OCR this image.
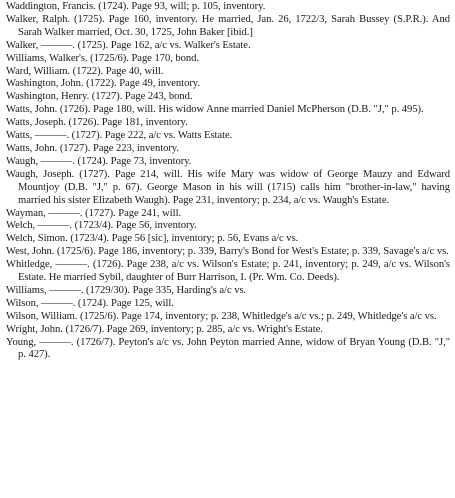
Waddington, Francis. (1724). Page 93, will; p. 105, inventory.

Walker, Ralph. (1725). Page 160, inventory. He married, Jan. 26, 1722/3, Sarah Bussey (S.P.R.). And Sarah Walker married, Oct. 30, 1725, John Baker [ibid.]

Walker, ———. (1725). Page 162, a/c vs. Walker's Estate.

Williams, Walker's. (1725/6). Page 170, bond.

Ward, William. (1722). Page 40, will.

Washington, John. (1722). Page 49, inventory.

Washington, Henry. (1727). Page 243, bond.

Watts, John. (1726). Page 180, will. His widow Anne married Daniel McPherson (D.B. "J," p. 495).

Watts, Joseph. (1726). Page 181, inventory.

Watts, ———. (1727). Page 222, a/c vs. Watts Estate.

Watts, John. (1727). Page 223, inventory.

Waugh, ———. (1724). Page 73, inventory.

Waugh, Joseph. (1727). Page 214, will. His wife Mary was widow of George Mauzy and Edward Mountjoy (D.B. "J," p. 67). George Mason in his will (1715) calls him "brother-in-law," having married his sister Elizabeth Waugh). Page 231, inventory; p. 234, a/c vs. Waugh's Estate.

Wayman, ———. (1727). Page 241, will.

Welch, ———. (1723/4). Page 56, inventory.

Welch, Simon. (1723/4). Page 56 [sic], inventory; p. 56, Evans a/c vs.

West, John. (1725/6). Page 186, inventory; p. 339, Barry's Bond for West's Estate; p. 339, Savage's a/c vs.

Whitledge, ———. (1726). Page 238, a/c vs. Wilson's Estate; p. 241, inventory; p. 249, a/c vs. Wilson's Estate. He married Sybil, daughter of Burr Harrison, I. (Pr. Wm. Co. Deeds).

Williams, ———. (1729/30). Page 335, Harding's a/c vs.

Wilson, ———. (1724). Page 125, will.

Wilson, William. (1725/6). Page 174, inventory; p. 238, Whitledge's a/c vs.; p. 249, Whitledge's a/c vs.

Wright, John. (1726/7). Page 269, inventory; p. 285, a/c vs. Wright's Estate.

Young, ———. (1726/7). Peyton's a/c vs. John Peyton married Anne, widow of Bryan Young (D.B. "J," p. 427).
